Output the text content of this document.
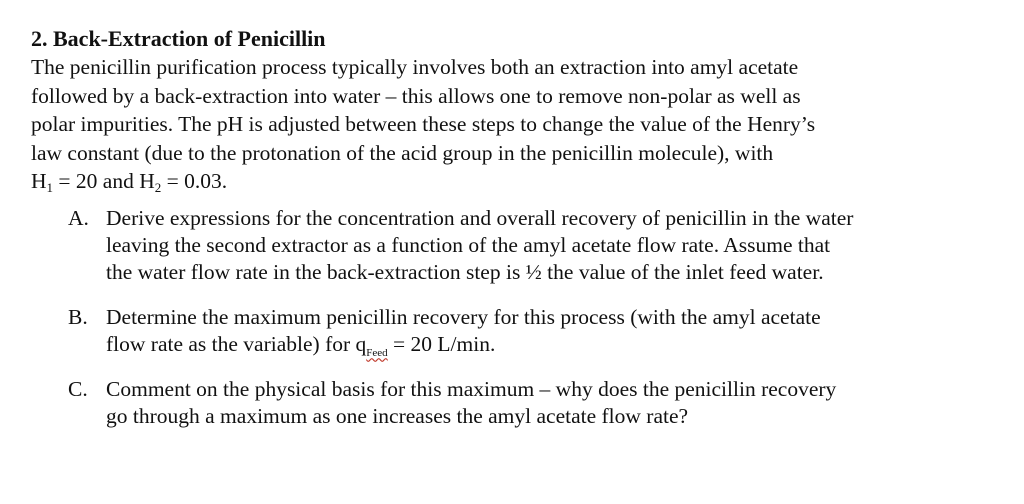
2. Back-Extraction of Penicillin

The penicillin purification process typically involves both an extraction into amyl acetate
followed by a back-extraction into water – this allows one to remove non-polar as well as
polar impurities. The pH is adjusted between these steps to change the value of the Henry’s
law constant (due to the protonation of the acid group in the penicillin molecule), with
$H_1 = 20$ and $H_2 = 0.03$.

A. Derive expressions for the concentration and overall recovery of penicillin in the water
leaving the second extractor as a function of the amyl acetate flow rate. Assume that
the water flow rate in the back-extraction step is ½ the value of the inlet feed water.
B. Determine the maximum penicillin recovery for this process (with the amyl acetate
flow rate as the variable) for $q_{Feed} = 20$ L/min.
C. Comment on the physical basis for this maximum – why does the penicillin recovery
go through a maximum as one increases the amyl acetate flow rate?
